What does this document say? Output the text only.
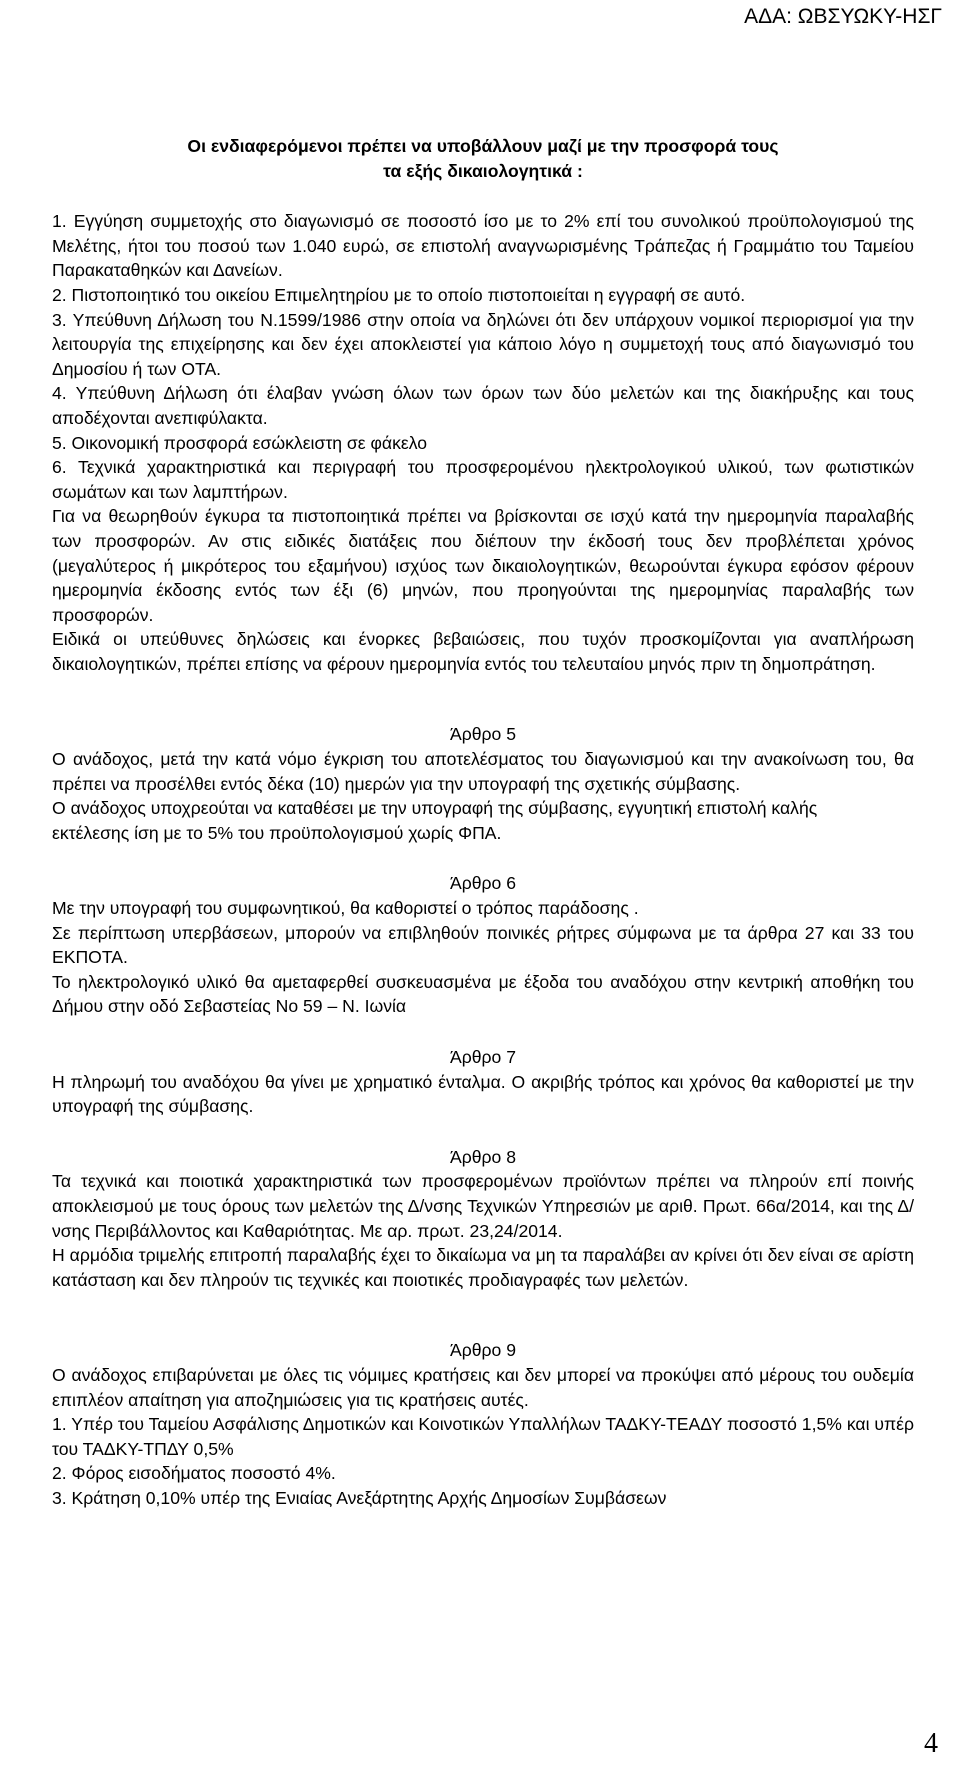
ΑΔΑ: ΩΒΣΥΩΚΥ-ΗΣΓ

Οι ενδιαφερόμενοι πρέπει να υποβάλλουν μαζί με την προσφορά τους

τα εξής δικαιολογητικά :

1. Εγγύηση συμμετοχής στο διαγωνισμό σε ποσοστό ίσο με το 2% επί του συνολικού προϋπολογισμού της Μελέτης, ήτοι του ποσού των 1.040 ευρώ, σε επιστολή αναγνωρισμένης Τράπεζας ή Γραμμάτιο του Ταμείου Παρακαταθηκών και Δανείων.

2. Πιστοποιητικό του οικείου Επιμελητηρίου με το οποίο πιστοποιείται η εγγραφή σε αυτό.

3. Υπεύθυνη Δήλωση του Ν.1599/1986 στην οποία να δηλώνει ότι δεν υπάρχουν νομικοί περιορισμοί για την λειτουργία της επιχείρησης και δεν έχει αποκλειστεί για κάποιο λόγο η συμμετοχή τους από διαγωνισμό του Δημοσίου ή των ΟΤΑ.

4. Υπεύθυνη Δήλωση ότι έλαβαν γνώση όλων των όρων των δύο μελετών και της διακήρυξης και τους αποδέχονται ανεπιφύλακτα.

5. Οικονομική προσφορά εσώκλειστη σε φάκελο

6. Τεχνικά χαρακτηριστικά και περιγραφή του προσφερομένου ηλεκτρολογικού υλικού, των φωτιστικών σωμάτων και των λαμπτήρων.

Για να θεωρηθούν έγκυρα τα πιστοποιητικά πρέπει να βρίσκονται σε ισχύ κατά την ημερομηνία παραλαβής των προσφορών. Αν στις ειδικές διατάξεις που διέπουν την έκδοσή τους δεν προβλέπεται χρόνος (μεγαλύτερος ή μικρότερος του εξαμήνου) ισχύος των δικαιολογητικών, θεωρούνται έγκυρα εφόσον φέρουν ημερομηνία έκδοσης εντός των έξι (6) μηνών, που προηγούνται της ημερομηνίας παραλαβής των προσφορών.

Ειδικά οι υπεύθυνες δηλώσεις και ένορκες βεβαιώσεις, που τυχόν προσκομίζονται για αναπλήρωση δικαιολογητικών, πρέπει επίσης να φέρουν ημερομηνία εντός του τελευταίου μηνός πριν τη δημοπράτηση.

Άρθρο 5

Ο ανάδοχος, μετά την κατά νόμο έγκριση του αποτελέσματος του διαγωνισμού και την ανακοίνωση του, θα πρέπει να προσέλθει εντός δέκα (10) ημερών για την υπογραφή της σχετικής σύμβασης.

Ο ανάδοχος υποχρεούται να καταθέσει με την υπογραφή της σύμβασης, εγγυητική επιστολή καλής

εκτέλεσης ίση με το 5% του προϋπολογισμού χωρίς ΦΠΑ.

Άρθρο 6

Με την υπογραφή του συμφωνητικού, θα καθοριστεί ο τρόπος παράδοσης .

Σε περίπτωση υπερβάσεων, μπορούν να επιβληθούν ποινικές ρήτρες σύμφωνα με τα άρθρα 27 και 33 του ΕΚΠΟΤΑ.

Το ηλεκτρολογικό υλικό θα αμεταφερθεί συσκευασμένα με έξοδα του αναδόχου στην κεντρική αποθήκη του Δήμου στην οδό Σεβαστείας Νο 59 – Ν. Ιωνία

Άρθρο 7

Η πληρωμή του αναδόχου θα γίνει με χρηματικό ένταλμα. Ο ακριβής τρόπος και χρόνος θα καθοριστεί με την υπογραφή της σύμβασης.

Άρθρο 8

Τα τεχνικά και ποιοτικά χαρακτηριστικά των προσφερομένων προϊόντων πρέπει να πληρούν επί ποινής αποκλεισμού με τους όρους των μελετών της Δ/νσης Τεχνικών Υπηρεσιών με αριθ. Πρωτ. 66α/2014, και της Δ/νσης Περιβάλλοντος και Καθαριότητας. Με αρ. πρωτ. 23,24/2014.

Η αρμόδια τριμελής επιτροπή παραλαβής έχει το δικαίωμα να μη τα παραλάβει αν κρίνει ότι δεν είναι σε αρίστη κατάσταση και δεν πληρούν τις τεχνικές και ποιοτικές προδιαγραφές των μελετών.

Άρθρο 9

Ο ανάδοχος επιβαρύνεται με όλες τις νόμιμες κρατήσεις και δεν μπορεί να προκύψει από μέρους του ουδεμία επιπλέον απαίτηση για αποζημιώσεις για τις κρατήσεις αυτές.

1. Υπέρ του Ταμείου Ασφάλισης Δημοτικών και Κοινοτικών Υπαλλήλων ΤΑΔΚΥ-ΤΕΑΔΥ ποσοστό 1,5% και υπέρ του ΤΑΔΚΥ-ΤΠΔΥ 0,5%

2. Φόρος εισοδήματος ποσοστό 4%.

3. Κράτηση 0,10% υπέρ της Ενιαίας Ανεξάρτητης Αρχής Δημοσίων Συμβάσεων

4
